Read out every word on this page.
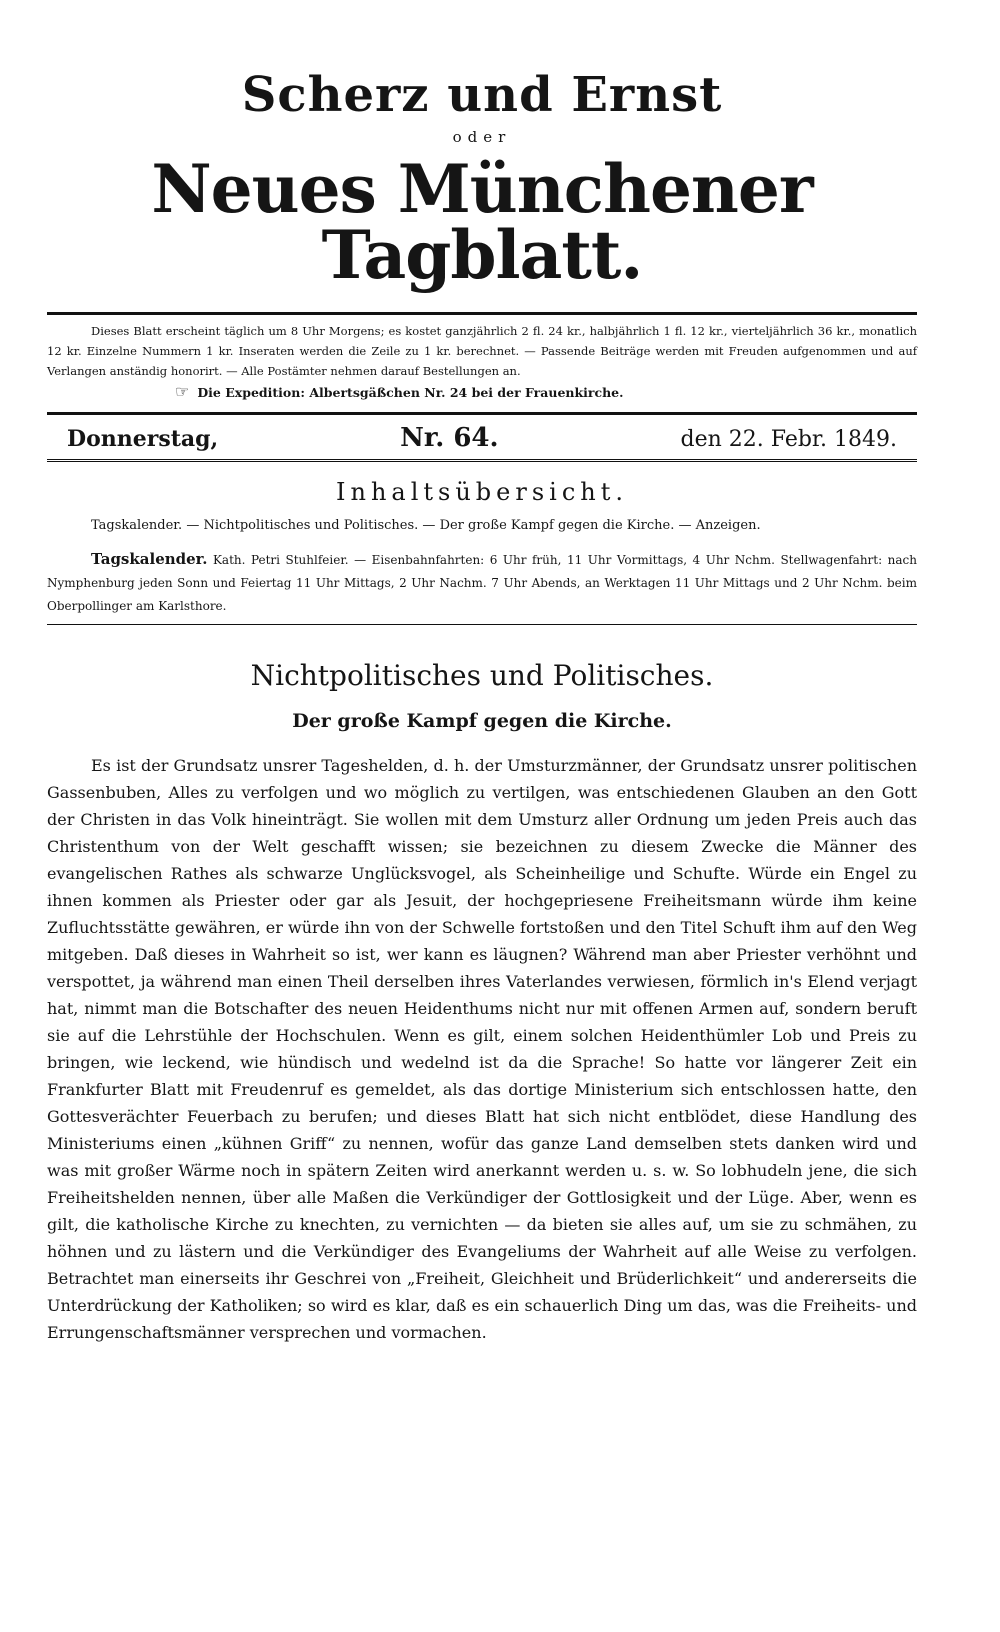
Scherz und Ernst
oder
Neues Münchener Tagblatt.

Dieses Blatt erscheint täglich um 8 Uhr Morgens; es kostet ganzjährlich 2 fl. 24 kr., halbjährlich 1 fl. 12 kr., vierteljährlich 36 kr., monatlich 12 kr. Einzelne Nummern 1 kr. Inseraten werden die Zeile zu 1 kr. berechnet. — Passende Beiträge werden mit Freuden aufgenommen und auf Verlangen anständig honorirt. — Alle Postämter nehmen darauf Bestellungen an.

☞ Die Expedition: Albertsgäßchen Nr. 24 bei der Frauenkirche.
Donnerstag,	Nr. 64.	den 22. Febr. 1849.
Inhaltsübersicht.

Tagskalender. — Nichtpolitisches und Politisches. — Der große Kampf gegen die Kirche. — Anzeigen.

Tagskalender. Kath. Petri Stuhlfeier. — Eisenbahnfahrten: 6 Uhr früh, 11 Uhr Vormittags, 4 Uhr Nchm. Stellwagenfahrt: nach Nymphenburg jeden Sonn und Feiertag 11 Uhr Mittags, 2 Uhr Nachm. 7 Uhr Abends, an Werktagen 11 Uhr Mittags und 2 Uhr Nchm. beim Oberpollinger am Karlsthore.

Nichtpolitisches und Politisches.
Der große Kampf gegen die Kirche.

Es ist der Grundsatz unsrer Tageshelden, d. h. der Umsturzmänner, der Grundsatz unsrer politischen Gassenbuben, Alles zu verfolgen und wo möglich zu vertilgen, was entschiedenen Glauben an den Gott der Christen in das Volk hineinträgt. Sie wollen mit dem Umsturz aller Ordnung um jeden Preis auch das Christenthum von der Welt geschafft wissen; sie bezeichnen zu diesem Zwecke die Männer des evangelischen Rathes als schwarze Unglücksvogel, als Scheinheilige und Schufte. Würde ein Engel zu ihnen kommen als Priester oder gar als Jesuit, der hochgepriesene Freiheitsmann würde ihm keine Zufluchtsstätte gewähren, er würde ihn von der Schwelle fortstoßen und den Titel Schuft ihm auf den Weg mitgeben. Daß dieses in Wahrheit so ist, wer kann es läugnen? Während man aber Priester verhöhnt und verspottet, ja während man einen Theil derselben ihres Vaterlandes verwiesen, förmlich in's Elend verjagt hat, nimmt man die Botschafter des neuen Heidenthums nicht nur mit offenen Armen auf, sondern beruft sie auf die Lehrstühle der Hochschulen. Wenn es gilt, einem solchen Heidenthümler Lob und Preis zu bringen, wie leckend, wie hündisch und wedelnd ist da die Sprache! So hatte vor längerer Zeit ein Frankfurter Blatt mit Freudenruf es gemeldet, als das dortige Ministerium sich entschlossen hatte, den Gottesverächter Feuerbach zu berufen; und dieses Blatt hat sich nicht entblödet, diese Handlung des Ministeriums einen „kühnen Griff“ zu nennen, wofür das ganze Land demselben stets danken wird und was mit großer Wärme noch in spätern Zeiten wird anerkannt werden u. s. w. So lobhudeln jene, die sich Freiheitshelden nennen, über alle Maßen die Verkündiger der Gottlosigkeit und der Lüge. Aber, wenn es gilt, die katholische Kirche zu knechten, zu vernichten — da bieten sie alles auf, um sie zu schmähen, zu höhnen und zu lästern und die Verkündiger des Evangeliums der Wahrheit auf alle Weise zu verfolgen. Betrachtet man einerseits ihr Geschrei von „Freiheit, Gleichheit und Brüderlichkeit“ und andererseits die Unterdrückung der Katholiken; so wird es klar, daß es ein schauerlich Ding um das, was die Freiheits- und Errungenschaftsmänner versprechen und vormachen.
